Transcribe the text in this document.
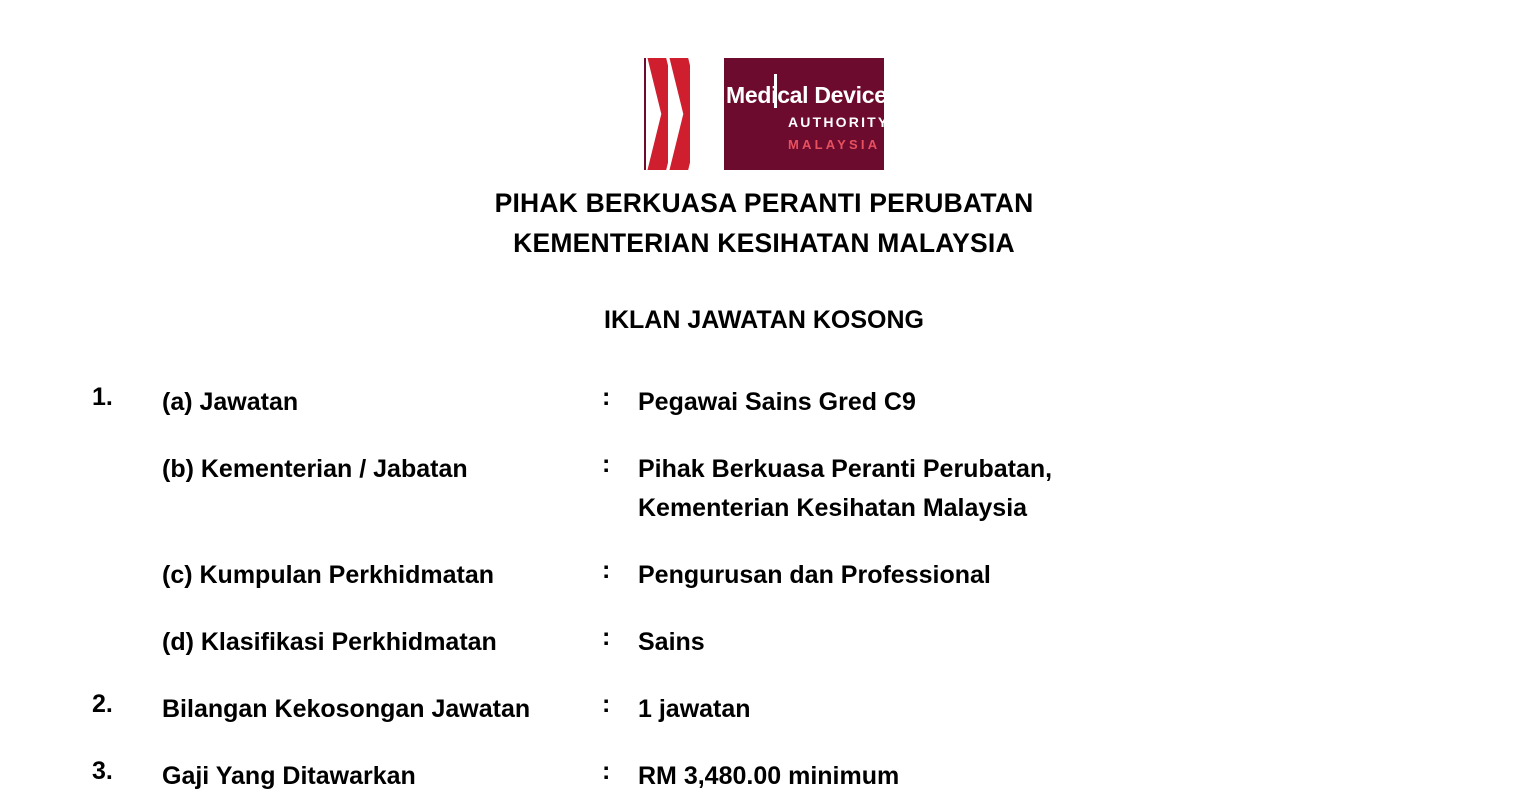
Medical Device
AUTHORITY
MALAYSIA
PIHAK BERKUASA PERANTI PERUBATAN
KEMENTERIAN KESIHATAN MALAYSIA
IKLAN JAWATAN KOSONG
1.	(a) Jawatan	:	Pegawai Sains Gred C9
(b) Kementerian / Jabatan	:	Pihak Berkuasa Peranti Perubatan,
Kementerian Kesihatan Malaysia
(c) Kumpulan Perkhidmatan	:	Pengurusan dan Professional
(d) Klasifikasi Perkhidmatan	:	Sains
2.	Bilangan Kekosongan Jawatan	:	1 jawatan
3.	Gaji Yang Ditawarkan	:	RM 3,480.00 minimum
